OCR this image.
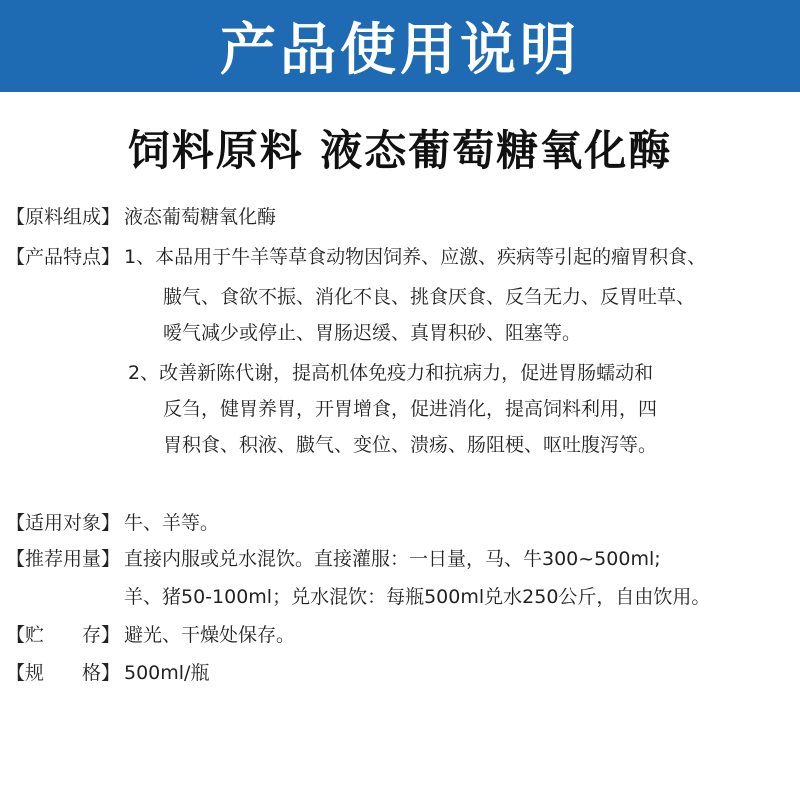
产品使用说明
饲料原料 液态葡萄糖氧化酶
【原料组成】 液态葡萄糖氧化酶
【产品特点】 1、本品用于牛羊等草食动物因饲养、应激、疾病等引起的瘤胃积食、
臌气、食欲不振、消化不良、挑食厌食、反刍无力、反胃吐草、
嗳气减少或停止、胃肠迟缓、真胃积砂、阻塞等。
2、改善新陈代谢，提高机体免疫力和抗病力，促进胃肠蠕动和
反刍，健胃养胃，开胃增食，促进消化，提高饲料利用，四
胃积食、积液、臌气、变位、溃疡、肠阻梗、呕吐腹泻等。
【适用对象】 牛、羊等。
【推荐用量】 直接内服或兑水混饮。直接灌服：一日量，马、牛300~500ml;
羊、猪50-100ml；兑水混饮：每瓶500ml兑水250公斤，自由饮用。
【贮　　存】 避光、干燥处保存。
【规　　格】 500ml/瓶
